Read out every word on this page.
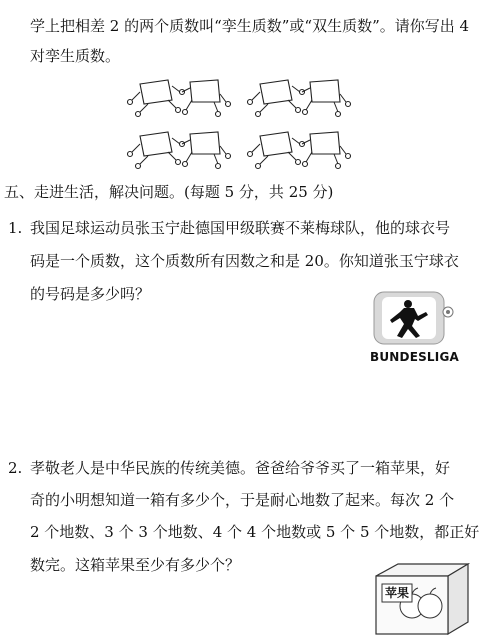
学上把相差 2 的两个质数叫“孪生质数”或“双生质数”。请你写出 4
对孪生质数。
五、走进生活，解决问题。(每题 5 分，共 25 分)
1. 我国足球运动员张玉宁赴德国甲级联赛不莱梅球队，他的球衣号
码是一个质数，这个质数所有因数之和是 20。你知道张玉宁球衣
的号码是多少吗？
BUNDESLIGA
2. 孝敬老人是中华民族的传统美德。爸爸给爷爷买了一箱苹果，好
奇的小明想知道一箱有多少个，于是耐心地数了起来。每次 2 个
2 个地数、3 个 3 个地数、4 个 4 个地数或 5 个 5 个地数，都正好
数完。这箱苹果至少有多少个？
苹果
